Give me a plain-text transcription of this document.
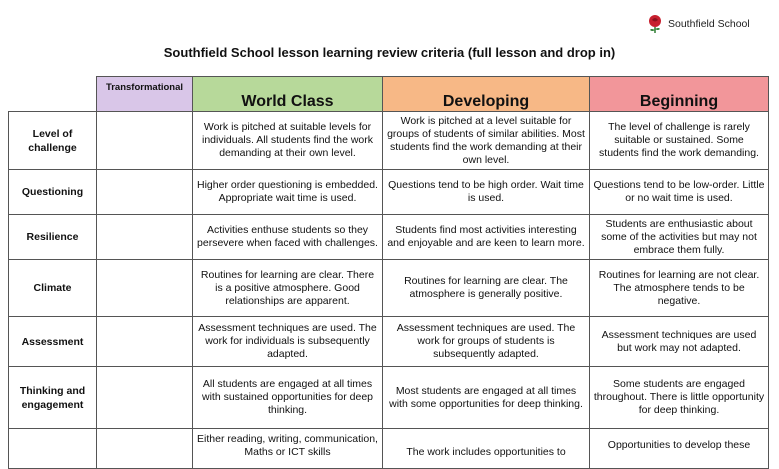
Southfield School
Southfield School lesson learning review criteria (full lesson and drop in)
	Transformational	World Class	Developing	Beginning
Level of challenge		Work is pitched at suitable levels for individuals. All students find the work demanding at their own level.	Work is pitched at a level suitable for groups of students of similar abilities. Most students find the work demanding at their own level.	The level of challenge is rarely suitable or sustained. Some students find the work demanding.
Questioning		Higher order questioning is embedded. Appropriate wait time is used.	Questions tend to be high order. Wait time is used.	Questions tend to be low-order. Little or no wait time is used.
Resilience		Activities enthuse students so they persevere when faced with challenges.	Students find most activities interesting and enjoyable and are keen to learn more.	Students are enthusiastic about some of the activities but may not embrace them fully.
Climate		Routines for learning are clear. There is a positive atmosphere. Good relationships are apparent.	Routines for learning are clear. The atmosphere is generally positive.	Routines for learning are not clear. The atmosphere tends to be negative.
Assessment		Assessment techniques are used. The work for individuals is subsequently adapted.	Assessment techniques are used. The work for groups of students is subsequently adapted.	Assessment techniques are used but work may not adapted.
Thinking and engagement		All students are engaged at all times with sustained opportunities for deep thinking.	Most students are engaged at all times with some opportunities for deep thinking.	Some students are engaged throughout. There is little opportunity for deep thinking.
		Either reading, writing, communication, Maths or ICT skills	The work includes opportunities to	Opportunities to develop these
